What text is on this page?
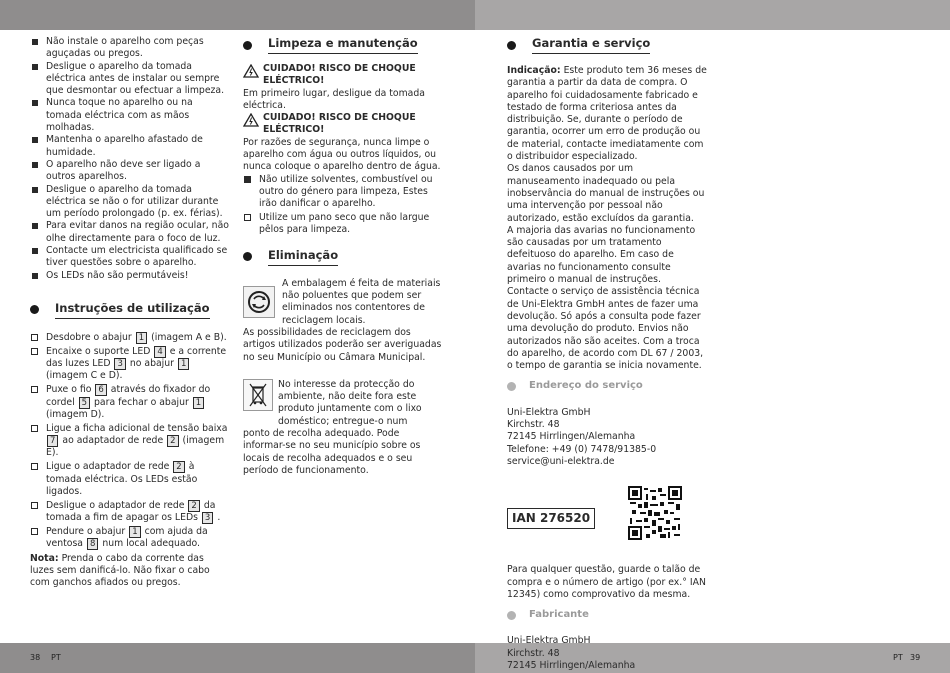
38 PT	PT 39
Não instale o aparelho com peças aguçadas ou pregos.
Desligue o aparelho da tomada eléctrica antes de instalar ou sempre que desmontar ou efectuar a limpeza.
Nunca toque no aparelho ou na tomada eléctrica com as mãos molhadas.
Mantenha o aparelho afastado de humidade.
O aparelho não deve ser ligado a outros aparelhos.
Desligue o aparelho da tomada eléctrica se não o for utilizar durante um período prolongado (p. ex. férias).
Para evitar danos na região ocular, não olhe directamente para o foco de luz.
Contacte um electricista qualificado se tiver questões sobre o aparelho.
Os LEDs não são permutáveis!
Instruções de utilização
Desdobre o abajur 1 (imagem A e B).
Encaixe o suporte LED 4 e a corrente das luzes LED 3 no abajur 1 (imagem C e D).
Puxe o fio 6 através do fixador do cordel 5 para fechar o abajur 1 (imagem D).
Ligue a ficha adicional de tensão baixa 7 ao adaptador de rede 2 (imagem E).
Ligue o adaptador de rede 2 à tomada eléctrica. Os LEDs estão ligados.
Desligue o adaptador de rede 2 da tomada a fim de apagar os LEDs 3 .
Pendure o abajur 1 com ajuda da ventosa 8 num local adequado.

Nota: Prenda o cabo da corrente das luzes sem danificá-lo. Não fixar o cabo com ganchos afiados ou pregos.

Limpeza e manutenção
CUIDADO! RISCO DE CHOQUE ELÉCTRICO!

Em primeiro lugar, desligue da tomada eléctrica.

CUIDADO! RISCO DE CHOQUE ELÉCTRICO!

Por razões de segurança, nunca limpe o aparelho com água ou outros líquidos, ou nunca coloque o aparelho dentro de água.

Não utilize solventes, combustível ou outro do género para limpeza, Estes irão danificar o aparelho.
Utilize um pano seco que não largue pêlos para limpeza.
Eliminação

A embalagem é feita de materiais não poluentes que podem ser eliminados nos contentores de reciclagem locais.

As possibilidades de reciclagem dos artigos utilizados poderão ser averiguadas no seu Município ou Câmara Municipal.

No interesse da protecção do ambiente, não deite fora este produto juntamente com o lixo doméstico; entregue-o num

ponto de recolha adequado. Pode informar-se no seu município sobre os locais de recolha adequados e o seu período de funcionamento.

Garantia e serviço

Indicação: Este produto tem 36 meses de garantia a partir da data de compra. O aparelho foi cuidadosamente fabricado e testado de forma criteriosa antes da distribuição. Se, durante o período de garantia, ocorrer um erro de produção ou de material, contacte imediatamente com o distribuidor especializado.

Os danos causados por um manuseamento inadequado ou pela inobservância do manual de instruções ou uma intervenção por pessoal não autorizado, estão excluídos da garantia.

A majoria das avarias no funcionamento são causadas por um tratamento defeituoso do aparelho. Em caso de avarias no funcionamento consulte primeiro o manual de instruções.

Contacte o serviço de assistência técnica de Uni-Elektra GmbH antes de fazer uma devolução. Só após a consulta pode fazer uma devolução do produto. Envios não autorizados não são aceites. Com a troca do aparelho, de acordo com DL 67 / 2003, o tempo de garantia se inicia novamente.

Endereço do serviço
Uni-Elektra GmbH
Kirchstr. 48
72145 Hirrlingen/Alemanha
Telefone: +49 (0) 7478/91385-0
service@uni-elektra.de
IAN 276520

Para qualquer questão, guarde o talão de compra e o número de artigo (por ex.° IAN 12345) como comprovativo da mesma.

Fabricante
Uni-Elektra GmbH
Kirchstr. 48
72145 Hirrlingen/Alemanha
